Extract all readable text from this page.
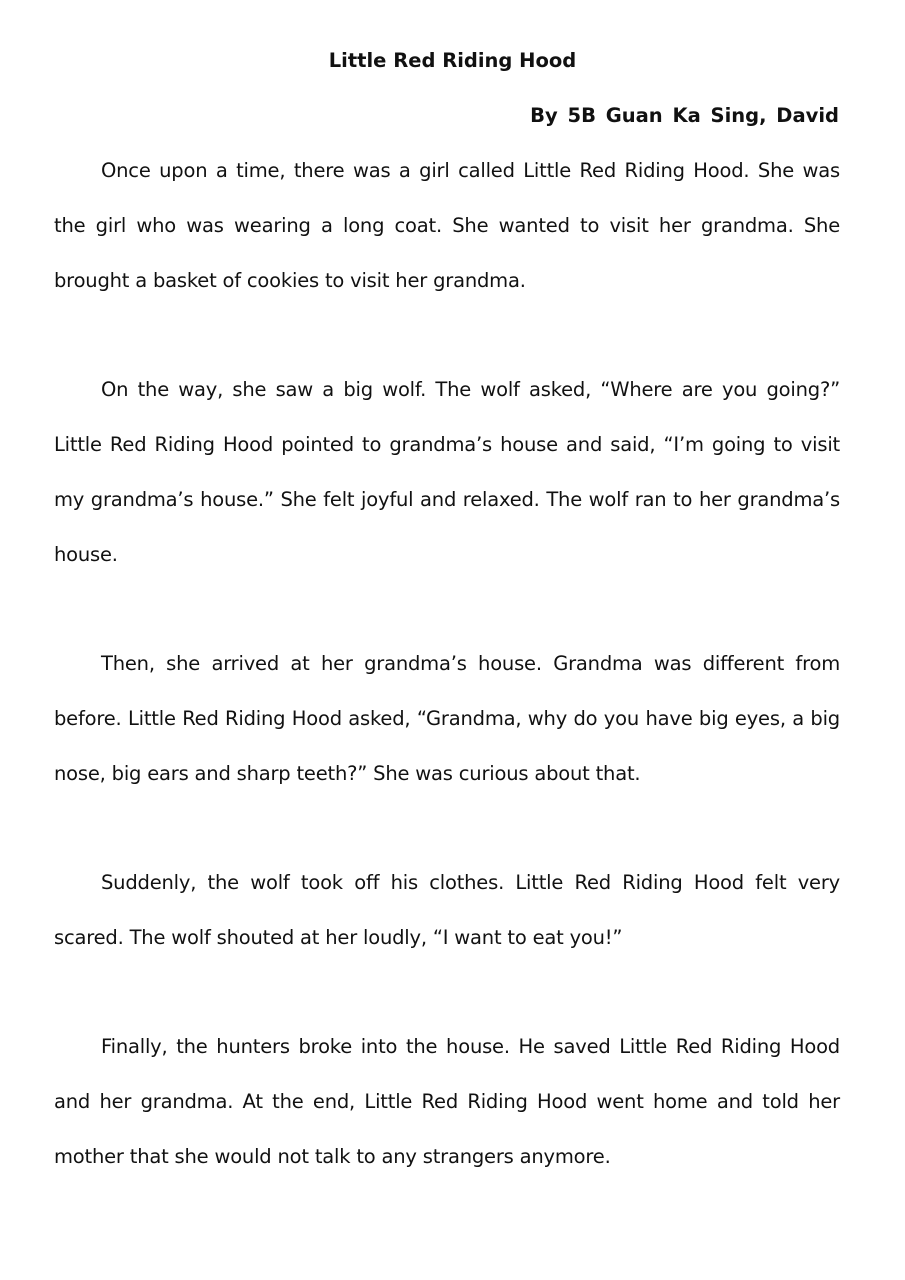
Little Red Riding Hood
By 5B Guan Ka Sing, David

Once upon a time, there was a girl called Little Red Riding Hood. She was the girl who was wearing a long coat. She wanted to visit her grandma. She brought a basket of cookies to visit her grandma.

On the way, she saw a big wolf. The wolf asked, “Where are you going?” Little Red Riding Hood pointed to grandma’s house and said, “I’m going to visit my grandma’s house.” She felt joyful and relaxed. The wolf ran to her grandma’s house.

Then, she arrived at her grandma’s house. Grandma was different from before. Little Red Riding Hood asked, “Grandma, why do you have big eyes, a big nose, big ears and sharp teeth?” She was curious about that.

Suddenly, the wolf took off his clothes. Little Red Riding Hood felt very scared. The wolf shouted at her loudly, “I want to eat you!”

Finally, the hunters broke into the house. He saved Little Red Riding Hood and her grandma. At the end, Little Red Riding Hood went home and told her mother that she would not talk to any strangers anymore.
